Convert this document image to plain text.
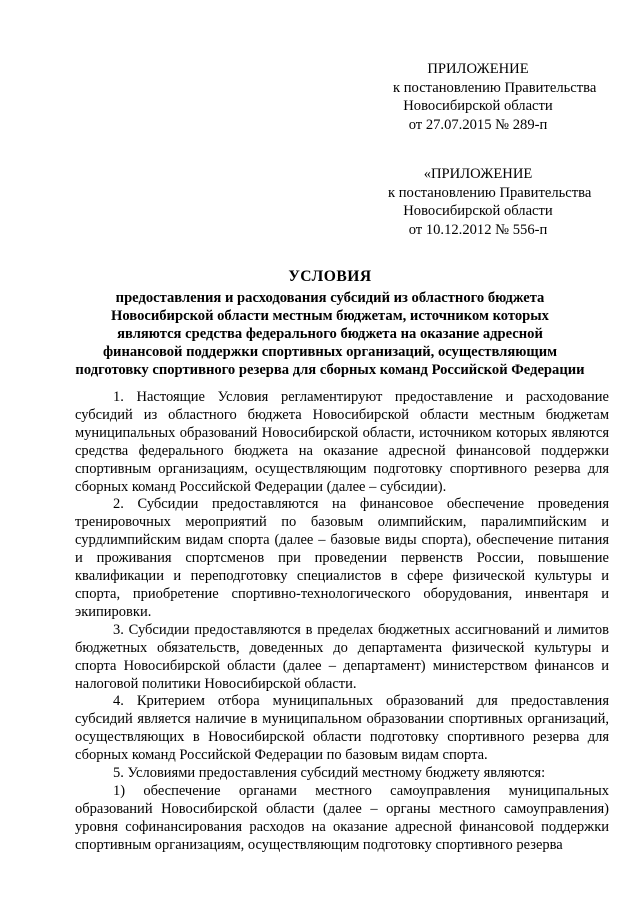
ПРИЛОЖЕНИЕ
к постановлению Правительства
Новосибирской области
от 27.07.2015 № 289-п
«ПРИЛОЖЕНИЕ
к постановлению Правительства
Новосибирской области
от 10.12.2012 № 556-п
УСЛОВИЯ
предоставления и расходования субсидий из областного бюджета
Новосибирской области местным бюджетам, источником которых
являются средства федерального бюджета на оказание адресной
финансовой поддержки спортивных организаций, осуществляющим
подготовку спортивного резерва для сборных команд Российской Федерации

1. Настоящие Условия регламентируют предоставление и расходование субсидий из областного бюджета Новосибирской области местным бюджетам муниципальных образований Новосибирской области, источником которых являются средства федерального бюджета на оказание адресной финансовой поддержки спортивным организациям, осуществляющим подготовку спортивного резерва для сборных команд Российской Федерации (далее – субсидии).

2. Субсидии предоставляются на финансовое обеспечение проведения тренировочных мероприятий по базовым олимпийским, паралимпийским и сурдлимпийским видам спорта (далее – базовые виды спорта), обеспечение питания и проживания спортсменов при проведении первенств России, повышение квалификации и переподготовку специалистов в сфере физической культуры и спорта, приобретение спортивно-технологического оборудования, инвентаря и экипировки.

3. Субсидии предоставляются в пределах бюджетных ассигнований и лимитов бюджетных обязательств, доведенных до департамента физической культуры и спорта Новосибирской области (далее – департамент) министерством финансов и налоговой политики Новосибирской области.

4. Критерием отбора муниципальных образований для предоставления субсидий является наличие в муниципальном образовании спортивных организаций, осуществляющих в Новосибирской области подготовку спортивного резерва для сборных команд Российской Федерации по базовым видам спорта.

5. Условиями предоставления субсидий местному бюджету являются:

1) обеспечение органами местного самоуправления муниципальных образований Новосибирской области (далее – органы местного самоуправления) уровня софинансирования расходов на оказание адресной финансовой поддержки спортивным организациям, осуществляющим подготовку спортивного резерва
